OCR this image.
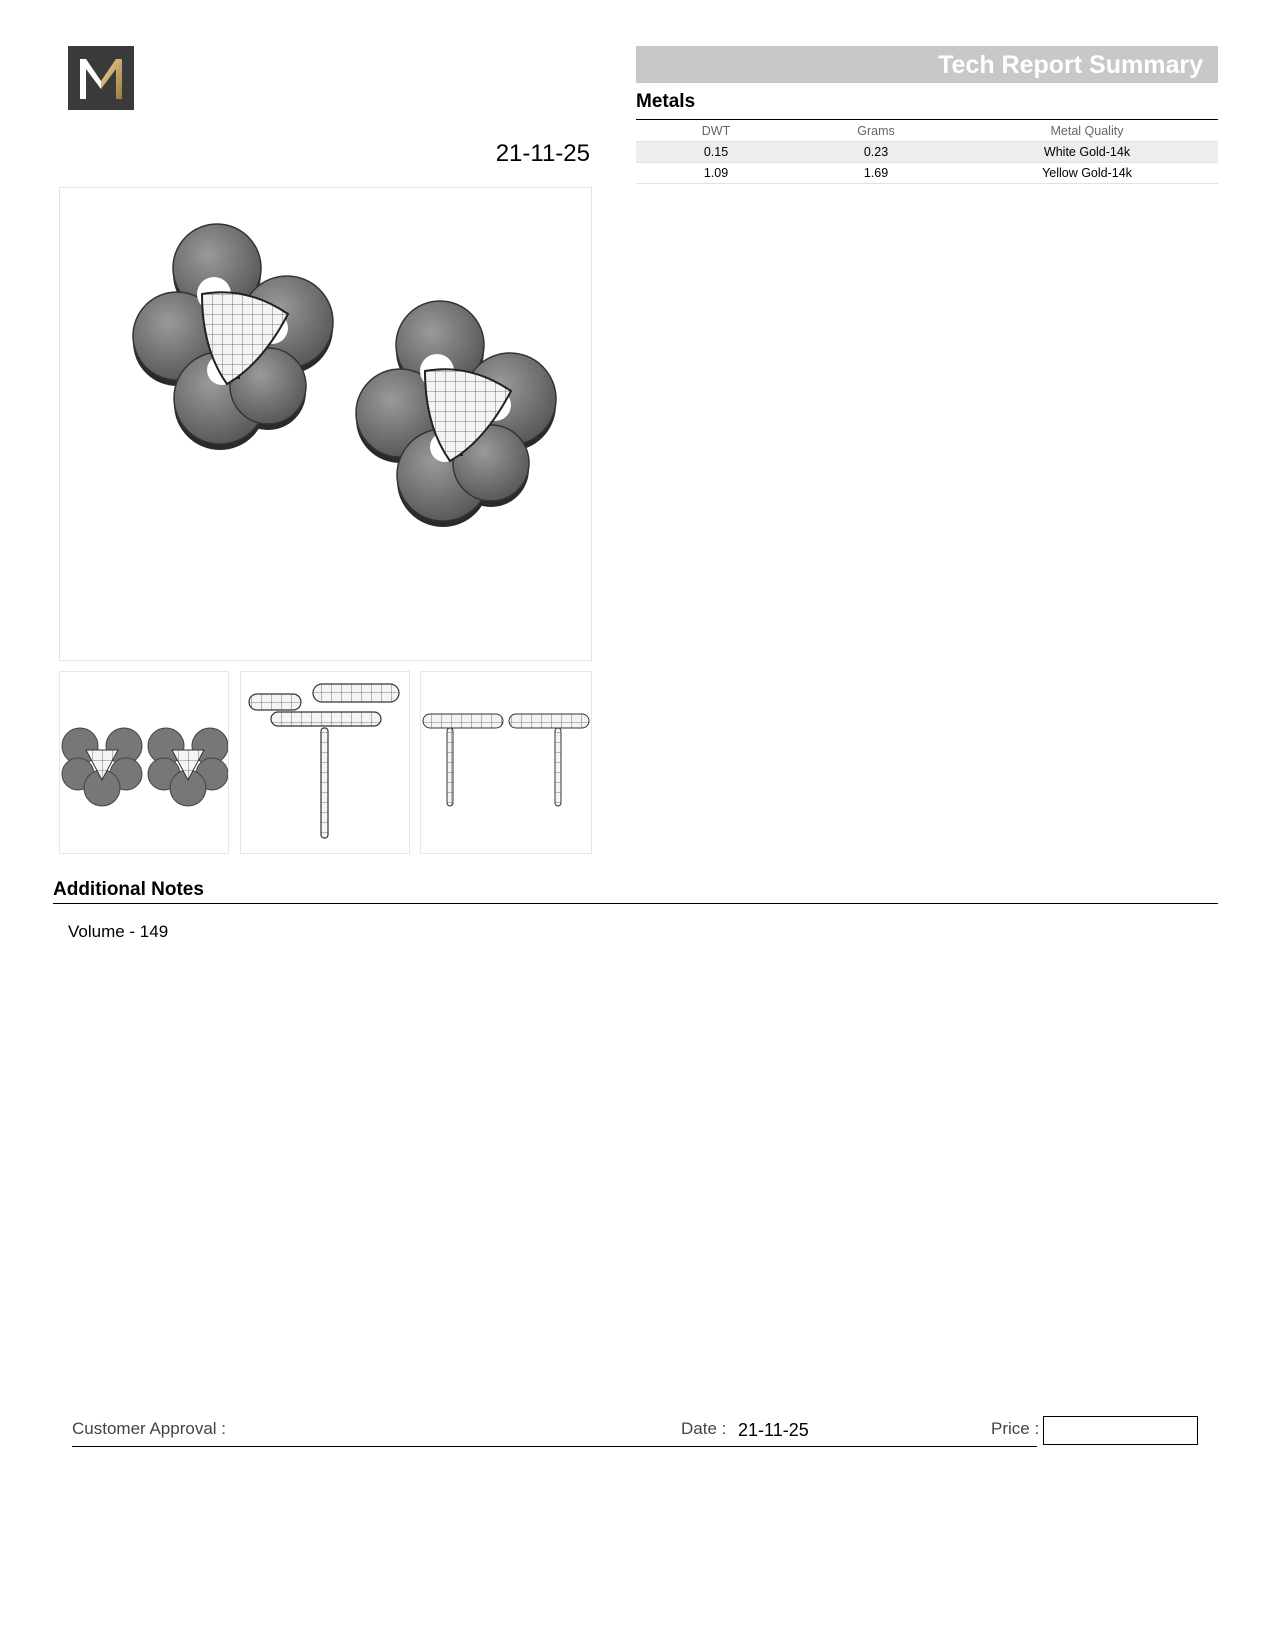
Tech Report Summary
Metals
DWT	Grams	Metal Quality
0.15	0.23	White Gold-14k
1.09	1.69	Yellow Gold-14k
21-11-25
Additional Notes
Volume - 149
Customer Approval :	Date : 21-11-25	Price :
